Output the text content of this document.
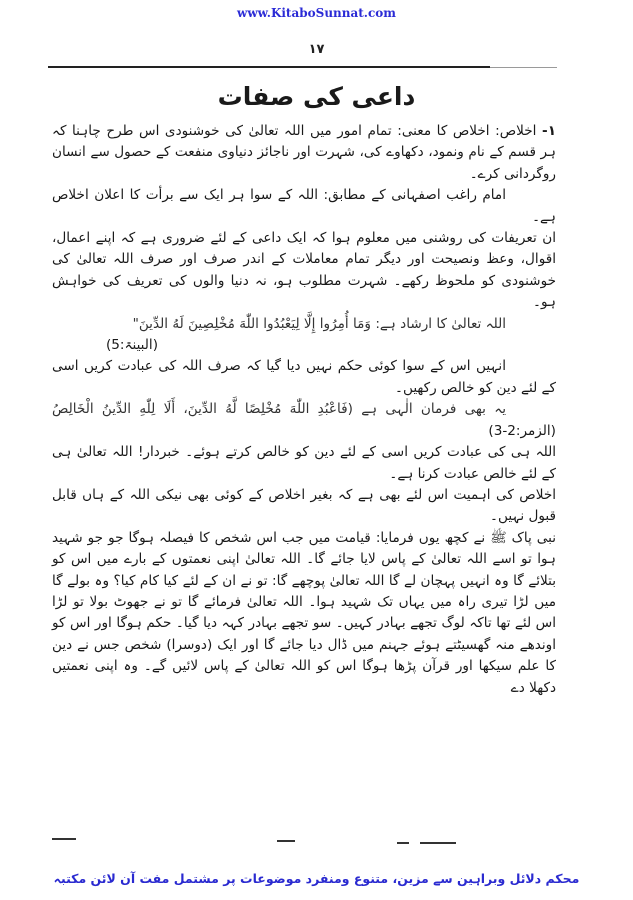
www.KitaboSunnat.com
۱۷
داعی کی صفات

۱- اخلاص: اخلاص کا معنی: تمام امور میں اللہ تعالیٰ کی خوشنودی اس طرح چاہنا کہ ہر قسم کے نام ونمود، دکھاوے کی، شہرت اور ناجائز دنیاوی منفعت کے حصول سے انسان روگردانی کرے۔

امام راغب اصفہانی کے مطابق: اللہ کے سوا ہر ایک سے برأت کا اعلان اخلاص ہے۔

ان تعریفات کی روشنی میں معلوم ہوا کہ ایک داعی کے لئے ضروری ہے کہ اپنے اعمال، اقوال، وعظ ونصیحت اور دیگر تمام معاملات کے اندر صرف اور صرف اللہ تعالیٰ کی خوشنودی کو ملحوظ رکھے۔ شہرت مطلوب ہو، نہ دنیا والوں کی تعریف کی خواہش ہو۔

اللہ تعالیٰ کا ارشاد ہے: وَمَا أُمِرُوا إِلَّا لِيَعْبُدُوا اللّٰهَ مُخْلِصِينَ لَهُ الدِّينَ"
(البینۃ:5)

انہیں اس کے سوا کوئی حکم نہیں دیا گیا کہ صرف اللہ کی عبادت کریں اسی کے لئے دین کو خالص رکھیں۔

یہ بھی فرمان الٰہی ہے (فَاعْبُدِ اللّٰهَ مُخْلِصًا لَّهُ الدِّينَ، أَلَا لِلّٰهِ الدِّينُ الْخَالِصُ (الزمر:2-3)

اللہ ہی کی عبادت کریں اسی کے لئے دین کو خالص کرتے ہوئے۔ خبردار! اللہ تعالیٰ ہی کے لئے خالص عبادت کرنا ہے۔

اخلاص کی اہمیت اس لئے بھی ہے کہ بغیر اخلاص کے کوئی بھی نیکی اللہ کے ہاں قابل قبول نہیں۔

نبی پاک ﷺ نے کچھ یوں فرمایا: قیامت میں جب اس شخص کا فیصلہ ہوگا جو جو شہید ہوا تو اسے اللہ تعالیٰ کے پاس لایا جائے گا۔ اللہ تعالیٰ اپنی نعمتوں کے بارے میں اس کو بتلائے گا وہ انہیں پہچان لے گا اللہ تعالیٰ پوچھے گا: تو نے ان کے لئے کیا کام کیا؟ وہ بولے گا میں لڑا تیری راہ میں یہاں تک شہید ہوا۔ اللہ تعالیٰ فرمائے گا تو نے جھوٹ بولا تو لڑا اس لئے تھا تاکہ لوگ تجھے بہادر کہیں۔ سو تجھے بہادر کہہ دیا گیا۔ حکم ہوگا اور اس کو اوندھے منہ گھسیٹتے ہوئے جہنم میں ڈال دیا جائے گا اور ایک (دوسرا) شخص جس نے دین کا علم سیکھا اور قرآن پڑھا ہوگا اس کو اللہ تعالیٰ کے پاس لائیں گے۔ وہ اپنی نعمتیں دکھلا دے

محکم دلائل وبراہین سے مزین، متنوع ومنفرد موضوعات پر مشتمل مفت آن لائن مکتبہ
